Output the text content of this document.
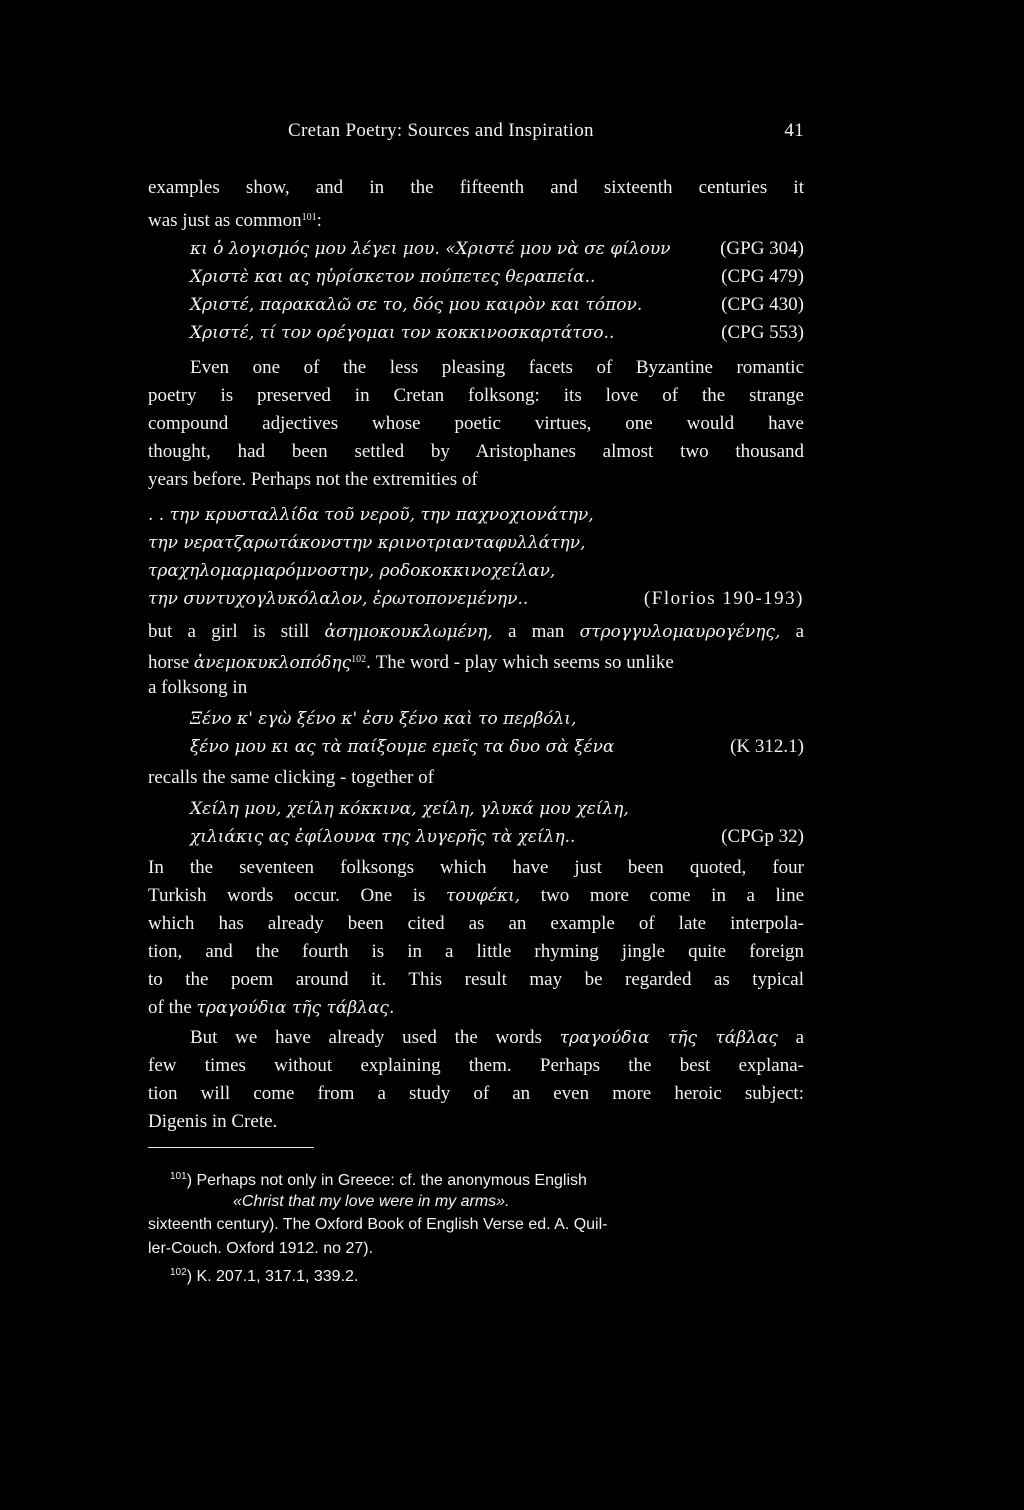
Cretan Poetry: Sources and Inspiration	41
examples show, and in the fifteenth and sixteenth centuries it
was just as common$^{101}$:
κι ὁ λογισμός μου λέγει μου. «Χριστέ μου νὰ σε φίλουν	(GPG 304)
Χριστὲ και ας ηὑρίσκετον πούπετες θεραπεία..	(CPG 479)
Χριστέ, παρακαλῶ σε το, δός μου καιρὸν και τόπον.	(CPG 430)
Χριστέ, τί τον ορέγομαι τον κοκκινοσκαρτάτσο..	(CPG 553)
Even one of the less pleasing facets of Byzantine romantic
poetry is preserved in Cretan folksong: its love of the strange
compound adjectives whose poetic virtues, one would have
thought, had been settled by Aristophanes almost two thousand
years before. Perhaps not the extremities of
. . την κρυσταλλίδα τοῦ νεροῦ, την παχνοχιονάτην,
την νερατζαρωτάκονστην κρινοτριανταφυλλάτην,
τραχηλομαρμαρόμνοστην, ροδοκοκκινοχείλαν,
την συντυχογλυκόλαλον, ἐρωτοπονεμένην..	(Florios 190-193)
but a girl is still ἀσημοκουκλωμένη, a man στρογγυλομαυρογένης, a
horse ἀνεμοκυκλοπόδης$^{102}$. The word - play which seems so unlike
a folksong in
Ξένο κ' εγὼ ξένο κ' ἐσυ ξένο καὶ το περβόλι,
ξένο μου κι ας τὰ παίξουμε εμεῖς τα δυο σὰ ξένα	(K 312.1)
recalls the same clicking - together of
Χείλη μου, χείλη κόκκινα, χείλη, γλυκά μου χείλη,
χιλιάκις ας ἐφίλουνα της λυγερῆς τὰ χείλη..	(CPGp 32)
In the seventeen folksongs which have just been quoted, four
Turkish words occur. One is τουφέκι, two more come in a line
which has already been cited as an example of late interpola-
tion, and the fourth is in a little rhyming jingle quite foreign
to the poem around it. This result may be regarded as typical
of the τραγούδια τῆς τάβλας.
But we have already used the words τραγούδια τῆς τάβλας a
few times without explaining them. Perhaps the best explana-
tion will come from a study of an even more heroic subject:
Digenis in Crete.
$^{101}$) Perhaps not only in Greece: cf. the anonymous English
«Christ that my love were in my arms».
sixteenth century). The Oxford Book of English Verse ed. A. Quil-
ler-Couch. Oxford 1912. no 27).
$^{102}$) K. 207.1, 317.1, 339.2.
